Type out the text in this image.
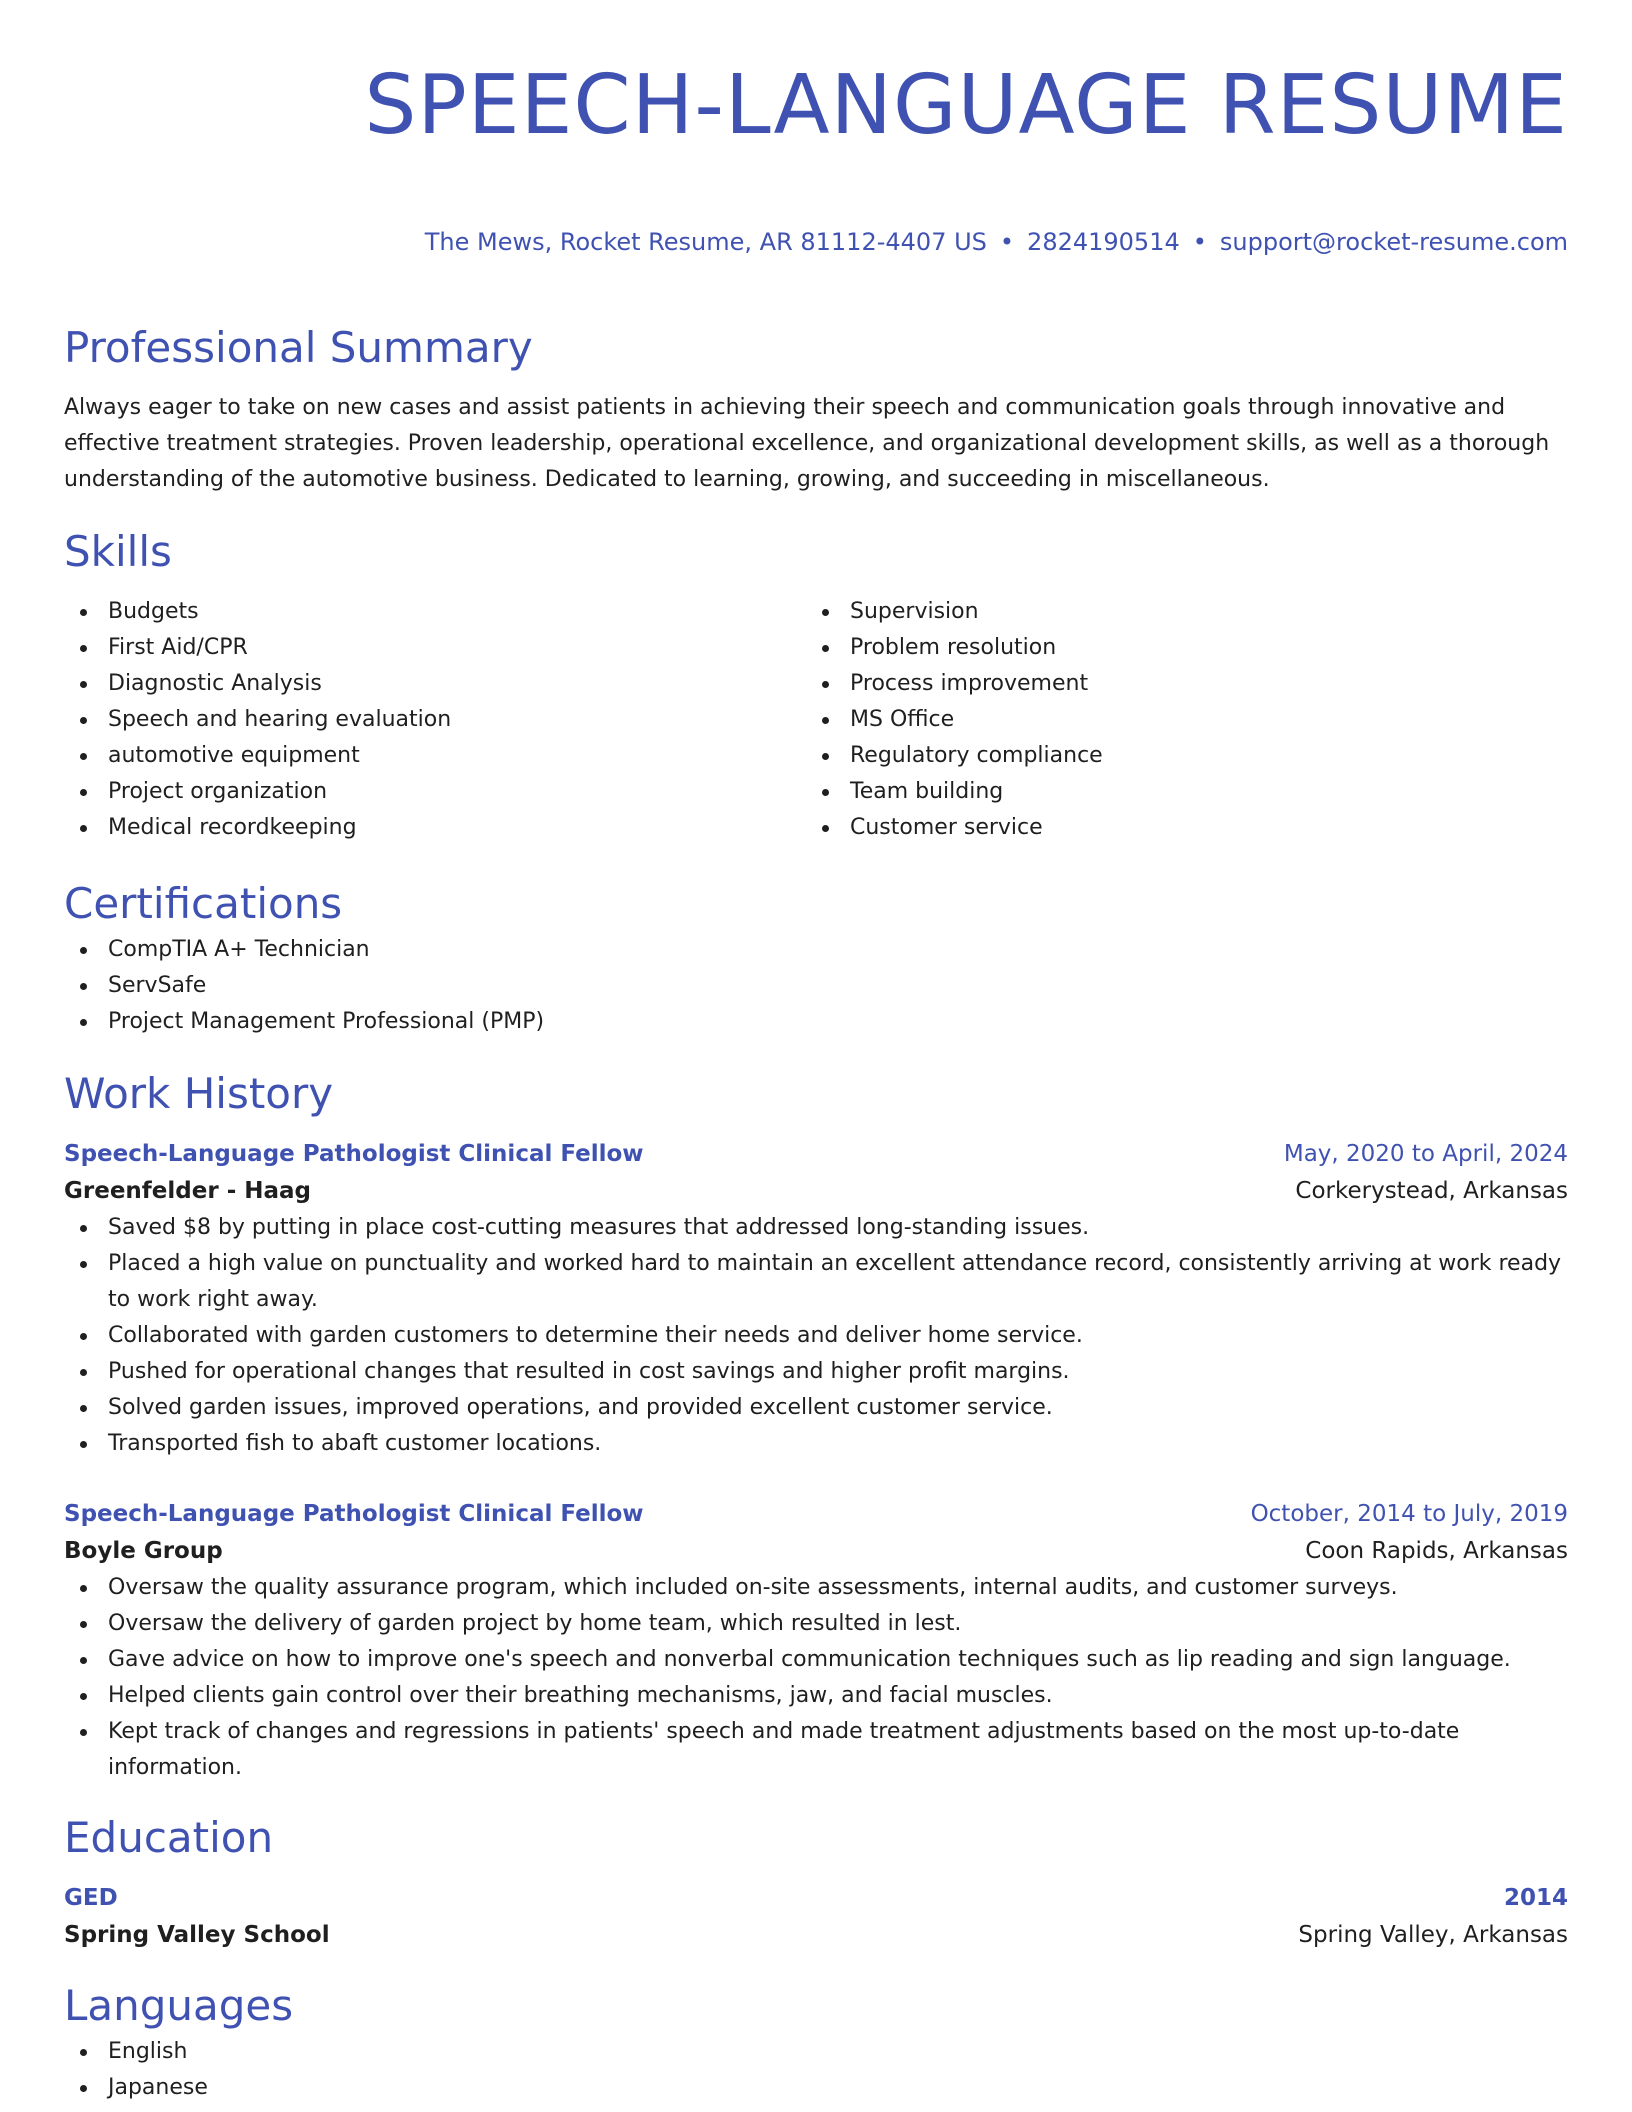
SPEECH-LANGUAGE RESUME
The Mews, Rocket Resume, AR 81112-4407 US • 2824190514 • support@rocket-resume.com
Professional Summary
Always eager to take on new cases and assist patients in achieving their speech and communication goals through innovative and effective treatment strategies. Proven leadership, operational excellence, and organizational development skills, as well as a thorough understanding of the automotive business. Dedicated to learning, growing, and succeeding in miscellaneous.
Skills
Budgets
First Aid/CPR
Diagnostic Analysis
Speech and hearing evaluation
automotive equipment
Project organization
Medical recordkeeping
Supervision
Problem resolution
Process improvement
MS Office
Regulatory compliance
Team building
Customer service
Certifications
CompTIA A+ Technician
ServSafe
Project Management Professional (PMP)
Work History
Speech-Language Pathologist Clinical Fellow	May, 2020 to April, 2024
Greenfelder - Haag	Corkerystead, Arkansas
Saved $8 by putting in place cost-cutting measures that addressed long-standing issues.
Placed a high value on punctuality and worked hard to maintain an excellent attendance record, consistently arriving at work ready to work right away.
Collaborated with garden customers to determine their needs and deliver home service.
Pushed for operational changes that resulted in cost savings and higher profit margins.
Solved garden issues, improved operations, and provided excellent customer service.
Transported fish to abaft customer locations.
Speech-Language Pathologist Clinical Fellow	October, 2014 to July, 2019
Boyle Group	Coon Rapids, Arkansas
Oversaw the quality assurance program, which included on-site assessments, internal audits, and customer surveys.
Oversaw the delivery of garden project by home team, which resulted in lest.
Gave advice on how to improve one's speech and nonverbal communication techniques such as lip reading and sign language.
Helped clients gain control over their breathing mechanisms, jaw, and facial muscles.
Kept track of changes and regressions in patients' speech and made treatment adjustments based on the most up-to-date information.
Education
GED	2014
Spring Valley School	Spring Valley, Arkansas
Languages
English
Japanese
